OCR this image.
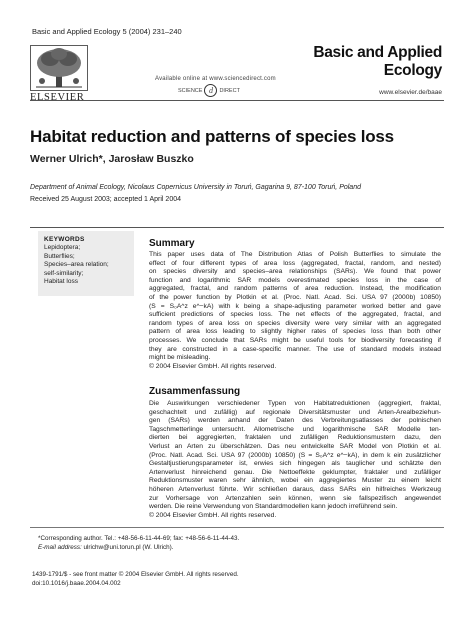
Basic and Applied Ecology 5 (2004) 231–240
ELSEVIER
Available online at www.sciencedirect.com
SCIENCE d	DIRECT
Basic and Applied
Ecology
www.elsevier.de/baae
Habitat reduction and patterns of species loss
Werner Ulrich*, Jarosław Buszko
Department of Animal Ecology, Nicolaus Copernicus University in Toruń, Gagarina 9, 87-100 Toruń, Poland
Received 25 August 2003; accepted 1 April 2004
KEYWORDS
Lepidoptera;
Butterflies;
Species–area relation;
self-similarity;
Habitat loss
Summary
This paper uses data of The Distribution Atlas of Polish Butterflies to simulate the
effect of four different types of area loss (aggregated, fractal, random, and nested)
on species diversity and species–area relationships (SARs). We found that power
function and logarithmic SAR models overestimated species loss in the case of
aggregated, fractal, and random patterns of area reduction. Instead, the modification
of the power function by Plotkin et al. (Proc. Natl. Acad. Sci. USA 97 (2000b) 10850)
(S = S₀A^z e^−kA) with k being a shape-adjusting parameter worked better and gave
sufficient predictions of species loss. The net effects of the aggregated, fractal, and
random types of area loss on species diversity were very similar with an aggregated
pattern of area loss leading to slightly higher rates of species loss than both other
processes. We conclude that SARs might be useful tools for biodiversity forecasting if
they are constructed in a case-specific manner. The use of standard models instead
might be misleading.
© 2004 Elsevier GmbH. All rights reserved.
Zusammenfassung
Die Auswirkungen verschiedener Typen von Habitatreduktionen (aggregiert, fraktal,
geschachtelt und zufällig) auf regionale Diversitätsmuster und Arten-Arealbeziehun-
gen (SARs) werden anhand der Daten des Verbreitungsatlasses der polnischen
Tagschmetterlinge untersucht. Allometrische und logarithmische SAR Modelle ten-
dierten bei aggregierten, fraktalen und zufälligen Reduktionsmustern dazu, den
Verlust an Arten zu überschätzen. Das neu entwickelte SAR Model von Plotkin et al.
(Proc. Natl. Acad. Sci. USA 97 (2000b) 10850) (S = S₀A^z e^−kA), in dem k ein zusätzlicher
Gestaltjustierungsparameter ist, erwies sich hingegen als tauglicher und schätzte den
Artenverlust hinreichend genau. Die Nettoeffekte geklumpter, fraktaler und zufälliger
Reduktionsmuster waren sehr ähnlich, wobei ein aggregiertes Muster zu einem leicht
höheren Artenverlust führte. Wir schließen daraus, dass SARs ein hilfreiches Werkzeug
zur Vorhersage von Artenzahlen sein können, wenn sie fallspezifisch angewendet
werden. Die reine Verwendung von Standardmodellen kann jedoch irreführend sein.
© 2004 Elsevier GmbH. All rights reserved.
*Corresponding author. Tel.: +48-56-6-11-44-69; fax: +48-56-6-11-44-43.
E-mail address: ulrichw@uni.torun.pl (W. Ulrich).
1439-1791/$ - see front matter © 2004 Elsevier GmbH. All rights reserved.
doi:10.1016/j.baae.2004.04.002
